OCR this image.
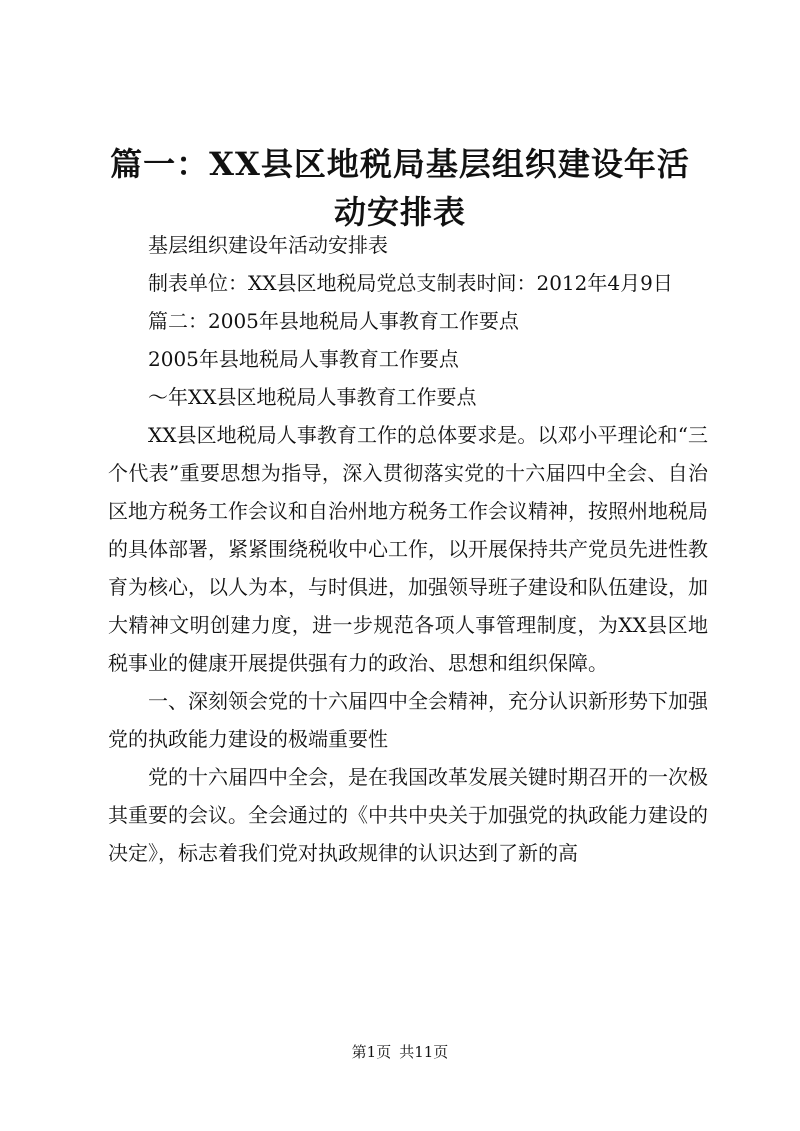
篇一：XX县区地税局基层组织建设年活动安排表

基层组织建设年活动安排表

制表单位：XX县区地税局党总支制表时间：2012年4月9日

篇二：2005年县地税局人事教育工作要点

2005年县地税局人事教育工作要点

～年XX县区地税局人事教育工作要点

XX县区地税局人事教育工作的总体要求是。以邓小平理论和“三个代表”重要思想为指导，深入贯彻落实党的十六届四中全会、自治区地方税务工作会议和自治州地方税务工作会议精神，按照州地税局的具体部署，紧紧围绕税收中心工作，以开展保持共产党员先进性教育为核心，以人为本，与时俱进，加强领导班子建设和队伍建设，加大精神文明创建力度，进一步规范各项人事管理制度，为XX县区地税事业的健康开展提供强有力的政治、思想和组织保障。

一、深刻领会党的十六届四中全会精神，充分认识新形势下加强党的执政能力建设的极端重要性

党的十六届四中全会，是在我国改革发展关键时期召开的一次极其重要的会议。全会通过的《中共中央关于加强党的执政能力建设的决定》，标志着我们党对执政规律的认识达到了新的高

第1页 共11页
